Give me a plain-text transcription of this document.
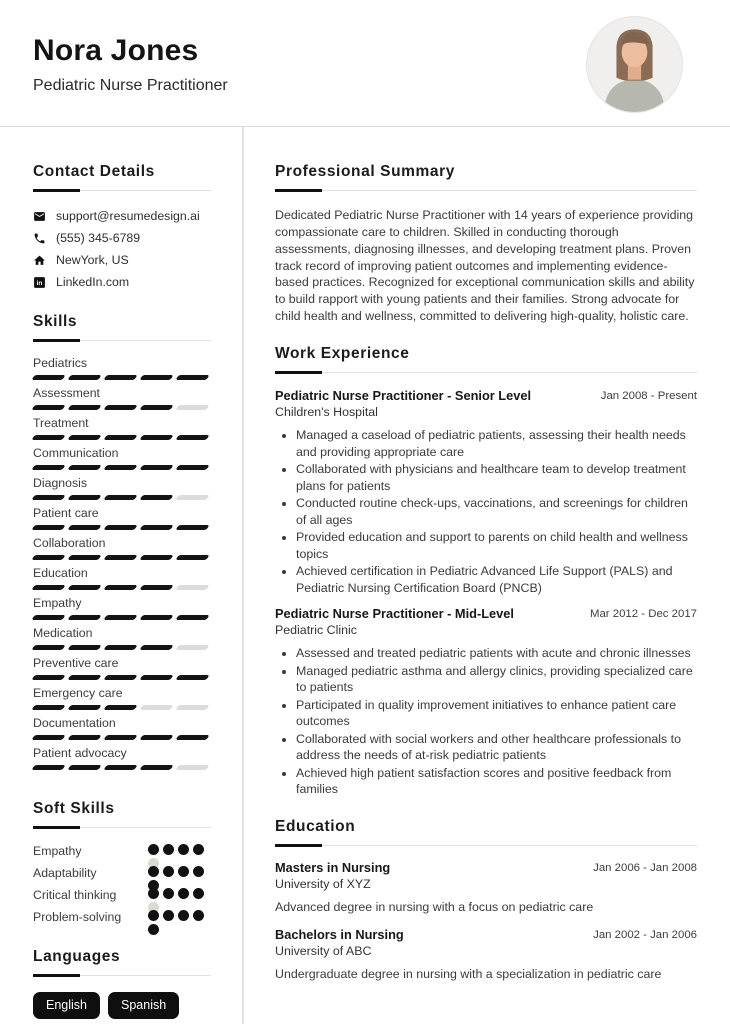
Nora Jones
Pediatric Nurse Practitioner
Contact Details
support@resumedesign.ai
(555) 345-6789
NewYork, US
in LinkedIn.com
Skills
Pediatrics
Assessment
Treatment
Communication
Diagnosis
Patient care
Collaboration
Education
Empathy
Medication
Preventive care
Emergency care
Documentation
Patient advocacy
Soft Skills
Empathy
Adaptability
Critical thinking
Problem-solving
Languages
English	Spanish
Professional Summary

Dedicated Pediatric Nurse Practitioner with 14 years of experience providing compassionate care to children. Skilled in conducting thorough assessments, diagnosing illnesses, and developing treatment plans. Proven track record of improving patient outcomes and implementing evidence-based practices. Recognized for exceptional communication skills and ability to build rapport with young patients and their families. Strong advocate for child health and wellness, committed to delivering high-quality, holistic care.

Work Experience
Pediatric Nurse Practitioner - Senior Level	Jan 2008 - Present
Children's Hospital
• Managed a caseload of pediatric patients, assessing their health needs and providing appropriate care
• Collaborated with physicians and healthcare team to develop treatment plans for patients
• Conducted routine check-ups, vaccinations, and screenings for children of all ages
• Provided education and support to parents on child health and wellness topics
• Achieved certification in Pediatric Advanced Life Support (PALS) and Pediatric Nursing Certification Board (PNCB)
Pediatric Nurse Practitioner - Mid-Level	Mar 2012 - Dec 2017
Pediatric Clinic
• Assessed and treated pediatric patients with acute and chronic illnesses
• Managed pediatric asthma and allergy clinics, providing specialized care to patients
• Participated in quality improvement initiatives to enhance patient care outcomes
• Collaborated with social workers and other healthcare professionals to address the needs of at-risk pediatric patients
• Achieved high patient satisfaction scores and positive feedback from families
Education
Masters in Nursing	Jan 2006 - Jan 2008
University of XYZ
Advanced degree in nursing with a focus on pediatric care
Bachelors in Nursing	Jan 2002 - Jan 2006
University of ABC
Undergraduate degree in nursing with a specialization in pediatric care
